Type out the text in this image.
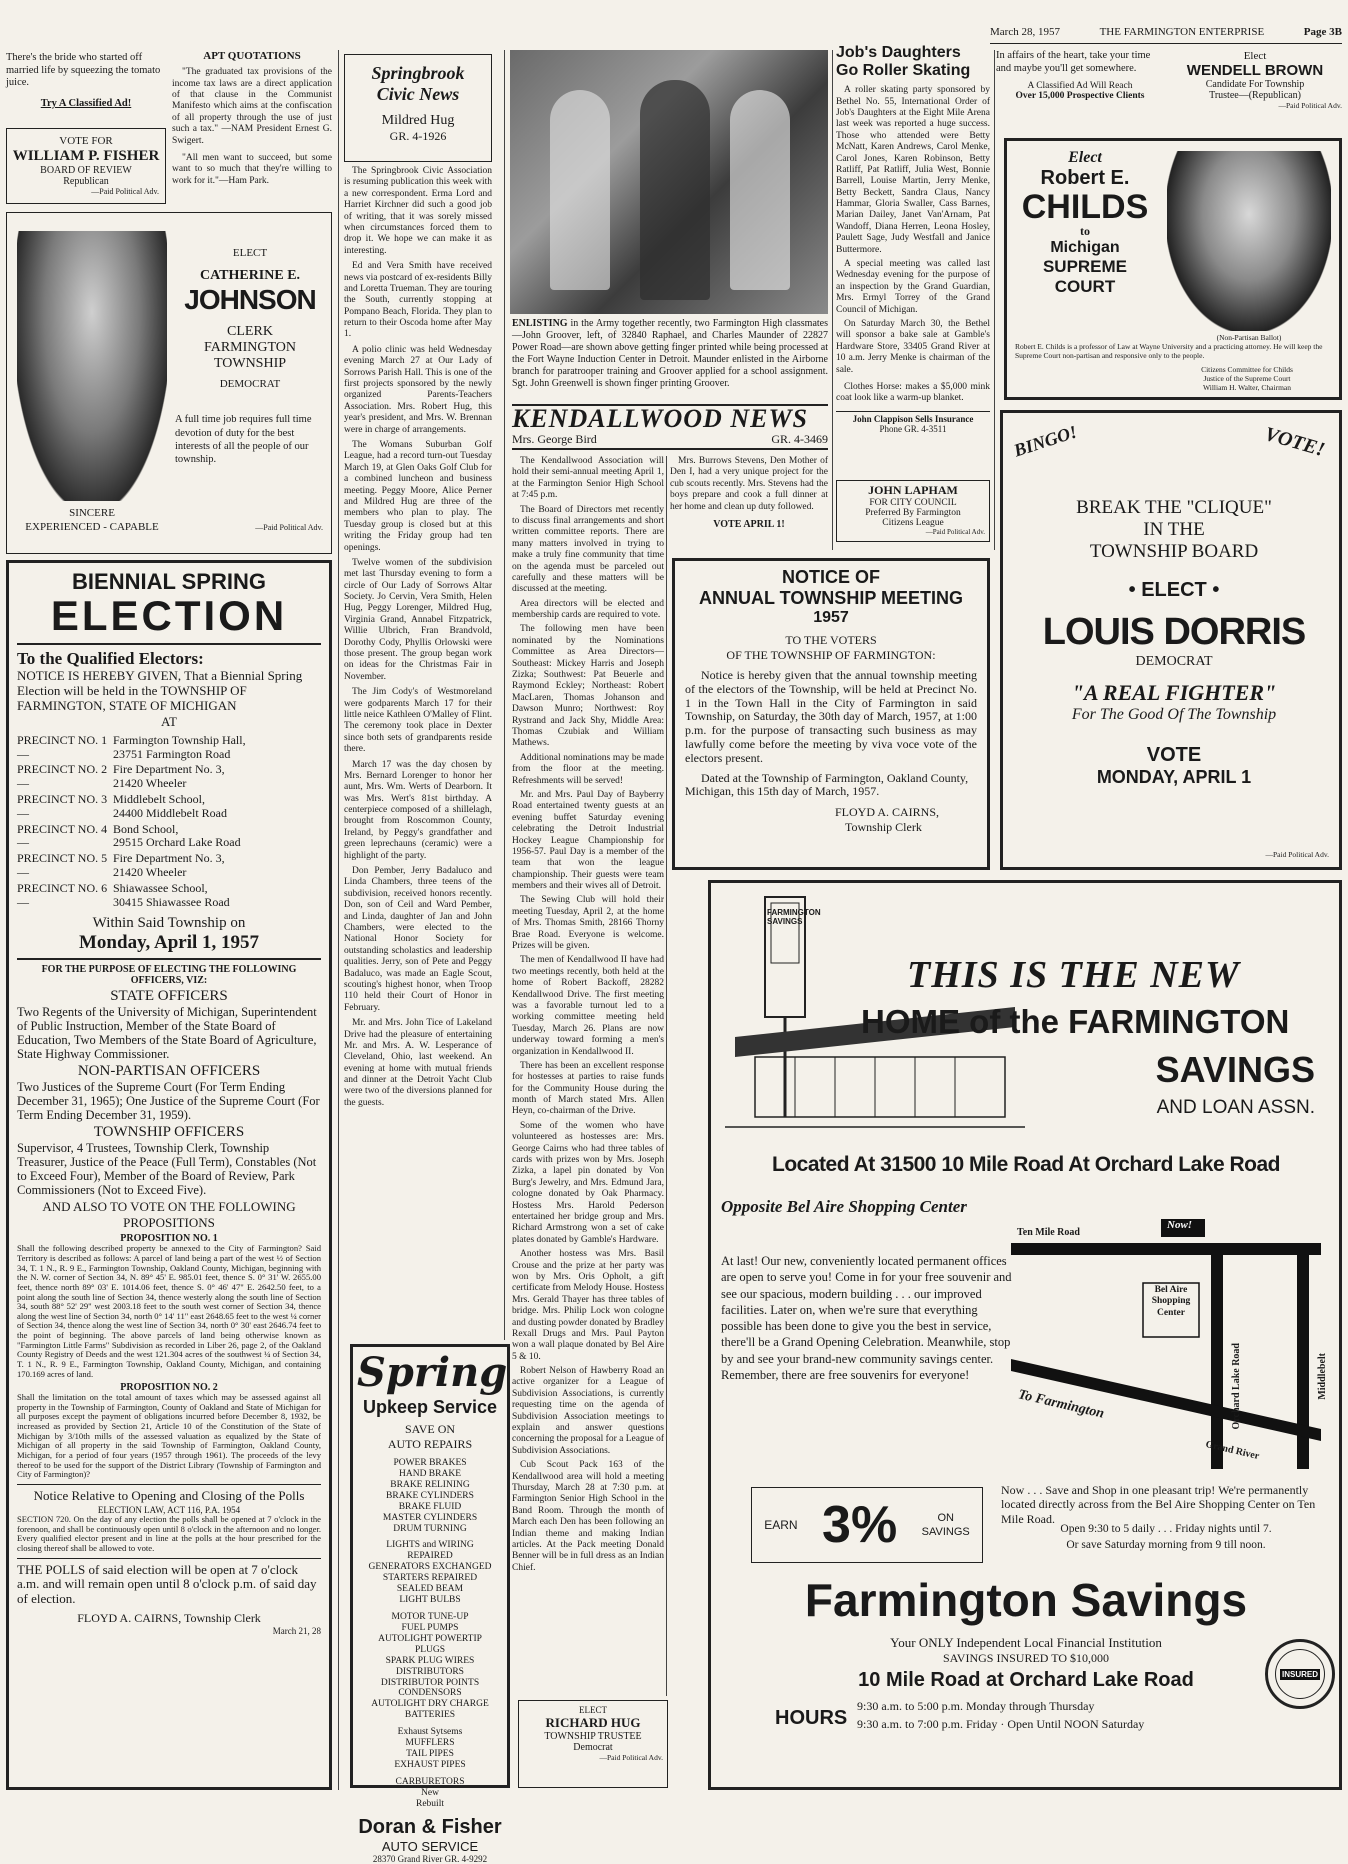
March 28, 1957	THE FARMINGTON ENTERPRISE	Page 3B

There's the bride who started off married life by squeezing the tomato juice.

Try A Classified Ad!

APT QUOTATIONS

"The graduated tax provisions of the income tax laws are a direct application of that clause in the Communist Manifesto which aims at the confiscation of all property through the use of just such a tax." —NAM President Ernest G. Swigert.

"All men want to succeed, but some want to so much that they're willing to work for it."—Ham Park.

VOTE FOR

WILLIAM P. FISHER

BOARD OF REVIEW

Republican

—Paid Political Adv.

ELECT

CATHERINE E.

JOHNSON

CLERK

FARMINGTON

TOWNSHIP

DEMOCRAT

A full time job requires full time devotion of duty for the best interests of all the people of our township.

SINCERE

EXPERIENCED - CAPABLE	—Paid Political Adv.

BIENNIAL SPRING

ELECTION

To the Qualified Electors:

NOTICE IS HEREBY GIVEN, That a Biennial Spring Election will be held in the TOWNSHIP OF FARMINGTON, STATE OF MICHIGAN

AT

PRECINCT NO. 1—
Farmington Township Hall,
23751 Farmington Road
PRECINCT NO. 2—
Fire Department No. 3,
21420 Wheeler
PRECINCT NO. 3—
Middlebelt School,
24400 Middlebelt Road
PRECINCT NO. 4—
Bond School,
29515 Orchard Lake Road
PRECINCT NO. 5—
Fire Department No. 3,
21420 Wheeler
PRECINCT NO. 6—
Shiawassee School,
30415 Shiawassee Road

Within Said Township on

Monday, April 1, 1957

FOR THE PURPOSE OF ELECTING THE FOLLOWING OFFICERS, VIZ:

STATE OFFICERS

Two Regents of the University of Michigan, Superintendent of Public Instruction, Member of the State Board of Education, Two Members of the State Board of Agriculture, State Highway Commissioner.

NON-PARTISAN OFFICERS

Two Justices of the Supreme Court (For Term Ending December 31, 1965); One Justice of the Supreme Court (For Term Ending December 31, 1959).

TOWNSHIP OFFICERS

Supervisor, 4 Trustees, Township Clerk, Township Treasurer, Justice of the Peace (Full Term), Constables (Not to Exceed Four), Member of the Board of Review, Park Commissioners (Not to Exceed Five).

AND ALSO TO VOTE ON THE FOLLOWING PROPOSITIONS

PROPOSITION NO. 1

Shall the following described property be annexed to the City of Farmington? Said Territory is described as follows: A parcel of land being a part of the west ½ of Section 34, T. 1 N., R. 9 E., Farmington Township, Oakland County, Michigan, beginning with the N. W. corner of Section 34, N. 89° 45' E. 985.01 feet, thence S. 0° 31' W. 2655.00 feet, thence north 89° 03' E. 1014.06 feet, thence S. 0° 46' 47" E. 2642.50 feet, to a point along the south line of Section 34, thence westerly along the south line of Section 34, south 88° 52' 29" west 2003.18 feet to the south west corner of Section 34, thence along the west line of Section 34, north 0° 14' 11" east 2648.65 feet to the west ¼ corner of Section 34, thence along the west line of Section 34, north 0° 30' east 2646.74 feet to the point of beginning. The above parcels of land being otherwise known as "Farmington Little Farms" Subdivision as recorded in Liber 26, page 2, of the Oakland County Registry of Deeds and the west 121.304 acres of the southwest ¼ of Section 34, T. 1 N., R. 9 E., Farmington Township, Oakland County, Michigan, and containing 170.169 acres of land.

PROPOSITION NO. 2

Shall the limitation on the total amount of taxes which may be assessed against all property in the Township of Farmington, County of Oakland and State of Michigan for all purposes except the payment of obligations incurred before December 8, 1932, be increased as provided by Section 21, Article 10 of the Constitution of the State of Michigan by 3/10th mills of the assessed valuation as equalized by the State of Michigan of all property in the said Township of Farmington, Oakland County, Michigan, for a period of four years (1957 through 1961). The proceeds of the levy thereof to be used for the support of the District Library (Township of Farmington and City of Farmington)?

Notice Relative to Opening and Closing of the Polls

ELECTION LAW, ACT 116, P.A. 1954

SECTION 720. On the day of any election the polls shall be opened at 7 o'clock in the forenoon, and shall be continuously open until 8 o'clock in the afternoon and no longer. Every qualified elector present and in line at the polls at the hour prescribed for the closing thereof shall be allowed to vote.

THE POLLS of said election will be open at 7 o'clock a.m. and will remain open until 8 o'clock p.m. of said day of election.

FLOYD A. CAIRNS, Township Clerk

March 21, 28

Springbrook

Civic News

Mildred Hug

GR. 4-1926

The Springbrook Civic Association is resuming publication this week with a new correspondent. Erma Lord and Harriet Kirchner did such a good job of writing, that it was sorely missed when circumstances forced them to drop it. We hope we can make it as interesting.

Ed and Vera Smith have received news via postcard of ex-residents Billy and Loretta Trueman. They are touring the South, currently stopping at Pompano Beach, Florida. They plan to return to their Oscoda home after May 1.

A polio clinic was held Wednesday evening March 27 at Our Lady of Sorrows Parish Hall. This is one of the first projects sponsored by the newly organized Parents-Teachers Association. Mrs. Robert Hug, this year's president, and Mrs. W. Brennan were in charge of arrangements.

The Womans Suburban Golf League, had a record turn-out Tuesday March 19, at Glen Oaks Golf Club for a combined luncheon and business meeting. Peggy Moore, Alice Perner and Mildred Hug are three of the members who plan to play. The Tuesday group is closed but at this writing the Friday group had ten openings.

Twelve women of the subdivision met last Thursday evening to form a circle of Our Lady of Sorrows Altar Society. Jo Cervin, Vera Smith, Helen Hug, Peggy Lorenger, Mildred Hug, Virginia Grand, Annabel Fitzpatrick, Willie Ulbrich, Fran Brandvold, Dorothy Cody, Phyllis Orlowski were those present. The group began work on ideas for the Christmas Fair in November.

The Jim Cody's of Westmoreland were godparents March 17 for their little neice Kathleen O'Malley of Flint. The ceremony took place in Dexter since both sets of grandparents reside there.

March 17 was the day chosen by Mrs. Bernard Lorenger to honor her aunt, Mrs. Wm. Werts of Dearborn. It was Mrs. Wert's 81st birthday. A centerpiece composed of a shillelagh, brought from Roscommon County, Ireland, by Peggy's grandfather and green leprechauns (ceramic) were a highlight of the party.

Don Pember, Jerry Badaluco and Linda Chambers, three teens of the subdivision, received honors recently. Don, son of Ceil and Ward Pember, and Linda, daughter of Jan and John Chambers, were elected to the National Honor Society for outstanding scholastics and leadership qualities. Jerry, son of Pete and Peggy Badaluco, was made an Eagle Scout, scouting's highest honor, when Troop 110 held their Court of Honor in February.

Mr. and Mrs. John Tice of Lakeland Drive had the pleasure of entertaining Mr. and Mrs. A. W. Lesperance of Cleveland, Ohio, last weekend. An evening at home with mutual friends and dinner at the Detroit Yacht Club were two of the diversions planned for the guests.

Spring

Upkeep Service

SAVE ON

AUTO REPAIRS

POWER BRAKES
HAND BRAKE
BRAKE RELINING
BRAKE CYLINDERS
BRAKE FLUID
MASTER CYLINDERS
DRUM TURNING
LIGHTS and WIRING
REPAIRED
GENERATORS EXCHANGED
STARTERS REPAIRED
SEALED BEAM
LIGHT BULBS
MOTOR TUNE-UP
FUEL PUMPS
AUTOLIGHT POWERTIP
PLUGS
SPARK PLUG WIRES
DISTRIBUTORS
DISTRIBUTOR POINTS
CONDENSORS
AUTOLIGHT DRY CHARGE
BATTERIES
Exhaust Sytsems
MUFFLERS
TAIL PIPES
EXHAUST PIPES
CARBURETORS
New
Rebuilt

Doran & Fisher

AUTO SERVICE

28370 Grand River GR. 4-9292

ENLISTING in the Army together recently, two Farmington High classmates—John Groover, left, of 32840 Raphael, and Charles Maunder of 22827 Power Road—are shown above getting finger printed while being processed at the Fort Wayne Induction Center in Detroit. Maunder enlisted in the Airborne branch for paratrooper training and Groover applied for a school assignment. Sgt. John Greenwell is shown finger printing Groover.

KENDALLWOOD NEWS

Mrs. George Bird	GR. 4-3469

The Kendallwood Association will hold their semi-annual meeting April 1, at the Farmington Senior High School at 7:45 p.m.

The Board of Directors met recently to discuss final arrangements and short written committee reports. There are many matters involved in trying to make a truly fine community that time on the agenda must be parceled out carefully and these matters will be discussed at the meeting.

Area directors will be elected and membership cards are required to vote.

The following men have been nominated by the Nominations Committee as Area Directors—Southeast: Mickey Harris and Joseph Zizka; Southwest: Pat Beuerle and Raymond Eckley; Northeast: Robert MacLaren, Thomas Johanson and Dawson Munro; Northwest: Roy Rystrand and Jack Shy, Middle Area: Thomas Czubiak and William Mathews.

Additional nominations may be made from the floor at the meeting. Refreshments will be served!

Mr. and Mrs. Paul Day of Bayberry Road entertained twenty guests at an evening buffet Saturday evening celebrating the Detroit Industrial Hockey League Championship for 1956-57. Paul Day is a member of the team that won the league championship. Their guests were team members and their wives all of Detroit.

The Sewing Club will hold their meeting Tuesday, April 2, at the home of Mrs. Thomas Smith, 28166 Thorny Brae Road. Everyone is welcome. Prizes will be given.

The men of Kendallwood II have had two meetings recently, both held at the home of Robert Backoff, 28282 Kendallwood Drive. The first meeting was a favorable turnout led to a working committee meeting held Tuesday, March 26. Plans are now underway toward forming a men's organization in Kendallwood II.

There has been an excellent response for hostesses at parties to raise funds for the Community House during the month of March stated Mrs. Allen Heyn, co-chairman of the Drive.

Some of the women who have volunteered as hostesses are: Mrs. George Cairns who had three tables of cards with prizes won by Mrs. Joseph Zizka, a lapel pin donated by Von Burg's Jewelry, and Mrs. Edmund Jara, cologne donated by Oak Pharmacy. Hostess Mrs. Harold Pederson entertained her bridge group and Mrs. Richard Armstrong won a set of cake plates donated by Gamble's Hardware.

Another hostess was Mrs. Basil Crouse and the prize at her party was won by Mrs. Oris Opholt, a gift certificate from Melody House. Hostess Mrs. Gerald Thayer has three tables of bridge. Mrs. Philip Lock won cologne and dusting powder donated by Bradley Rexall Drugs and Mrs. Paul Payton won a wall plaque donated by Bel Aire 5 & 10.

Robert Nelson of Hawberry Road an active organizer for a League of Subdivision Associations, is currently requesting time on the agenda of Subdivision Association meetings to explain and answer questions concerning the proposal for a League of Subdivision Associations.

Cub Scout Pack 163 of the Kendallwood area will hold a meeting Thursday, March 28 at 7:30 p.m. at Farmington Senior High School in the Band Room. Through the month of March each Den has been following an Indian theme and making Indian articles. At the Pack meeting Donald Benner will be in full dress as an Indian Chief.

Mrs. Burrows Stevens, Den Mother of Den I, had a very unique project for the cub scouts recently. Mrs. Stevens had the boys prepare and cook a full dinner at her home and clean up duty followed.

VOTE APRIL 1!

ELECT

RICHARD HUG

TOWNSHIP TRUSTEE

Democrat

—Paid Political Adv.

Job's Daughters

Go Roller Skating

A roller skating party sponsored by Bethel No. 55, International Order of Job's Daughters at the Eight Mile Arena last week was reported a huge success. Those who attended were Betty McNatt, Karen Andrews, Carol Menke, Carol Jones, Karen Robinson, Betty Ratliff, Pat Ratliff, Julia West, Bonnie Barrell, Louise Martin, Jerry Menke, Betty Beckett, Sandra Claus, Nancy Hammar, Gloria Swaller, Cass Barnes, Marian Dailey, Janet Van'Arnam, Pat Wandoff, Diana Herren, Leona Hosley, Paulett Sage, Judy Westfall and Janice Buttermore.

A special meeting was called last Wednesday evening for the purpose of an inspection by the Grand Guardian, Mrs. Ermyl Torrey of the Grand Council of Michigan.

On Saturday March 30, the Bethel will sponsor a bake sale at Gamble's Hardware Store, 33405 Grand River at 10 a.m. Jerry Menke is chairman of the sale.

Clothes Horse: makes a $5,000 mink coat look like a warm-up blanket.

John Clappison Sells Insurance

Phone GR. 4-3511

JOHN LAPHAM

FOR CITY COUNCIL

Preferred By Farmington

Citizens League

—Paid Political Adv.

NOTICE OF

ANNUAL TOWNSHIP MEETING

1957

TO THE VOTERS

OF THE TOWNSHIP OF FARMINGTON:

Notice is hereby given that the annual township meeting of the electors of the Township, will be held at Precinct No. 1 in the Town Hall in the City of Farmington in said Township, on Saturday, the 30th day of March, 1957, at 1:00 p.m. for the purpose of transacting such business as may lawfully come before the meeting by viva voce vote of the electors present.

Dated at the Township of Farmington, Oakland County, Michigan, this 15th day of March, 1957.

FLOYD A. CAIRNS,

Township Clerk

In affairs of the heart, take your time and maybe you'll get somewhere.

A Classified Ad Will Reach

Over 15,000 Prospective Clients

Elect

WENDELL BROWN

Candidate For Township

Trustee—(Republican)

—Paid Political Adv.

Elect

Robert E.

CHILDS

to

Michigan

SUPREME

COURT

(Non-Partisan Ballot)

Robert E. Childs is a professor of Law at Wayne University and a practicing attorney. He will keep the Supreme Court non-partisan and responsive only to the people.

Citizens Committee for Childs

Justice of the Supreme Court

William H. Walter, Chairman

BINGO!	VOTE!

BREAK THE "CLIQUE"

IN THE

TOWNSHIP BOARD

• ELECT •

LOUIS DORRIS

DEMOCRAT

"A REAL FIGHTER"

For The Good Of The Township

VOTE

MONDAY, APRIL 1

—Paid Political Adv.

FARMINGTON SAVINGS

THIS IS THE NEW

HOME of the FARMINGTON

SAVINGS

AND LOAN ASSN.

Located At 31500 10 Mile Road At Orchard Lake Road

Opposite Bel Aire Shopping Center

At last! Our new, conveniently located permanent offices are open to serve you! Come in for your free souvenir and see our spacious, modern building . . . our improved facilities. Later on, when we're sure that everything possible has been done to give you the best in service, there'll be a Grand Opening Celebration. Meanwhile, stop by and see your brand-new community savings center. Remember, there are free souvenirs for everyone!

Now!

Ten Mile Road

Bel Aire Shopping Center

Orchard Lake Road	Middlebelt

To Farmington

Grand River

EARN 3%	ON
SAVINGS

Now . . . Save and Shop in one pleasant trip! We're permanently located directly across from the Bel Aire Shopping Center on Ten Mile Road.

Open 9:30 to 5 daily . . . Friday nights until 7.

Or save Saturday morning from 9 till noon.

Farmington Savings

Your ONLY Independent Local Financial Institution

SAVINGS INSURED TO $10,000

10 Mile Road at Orchard Lake Road

HOURS

9:30 a.m. to 5:00 p.m. Monday through Thursday

9:30 a.m. to 7:00 p.m. Friday · Open Until NOON Saturday

INSURED
